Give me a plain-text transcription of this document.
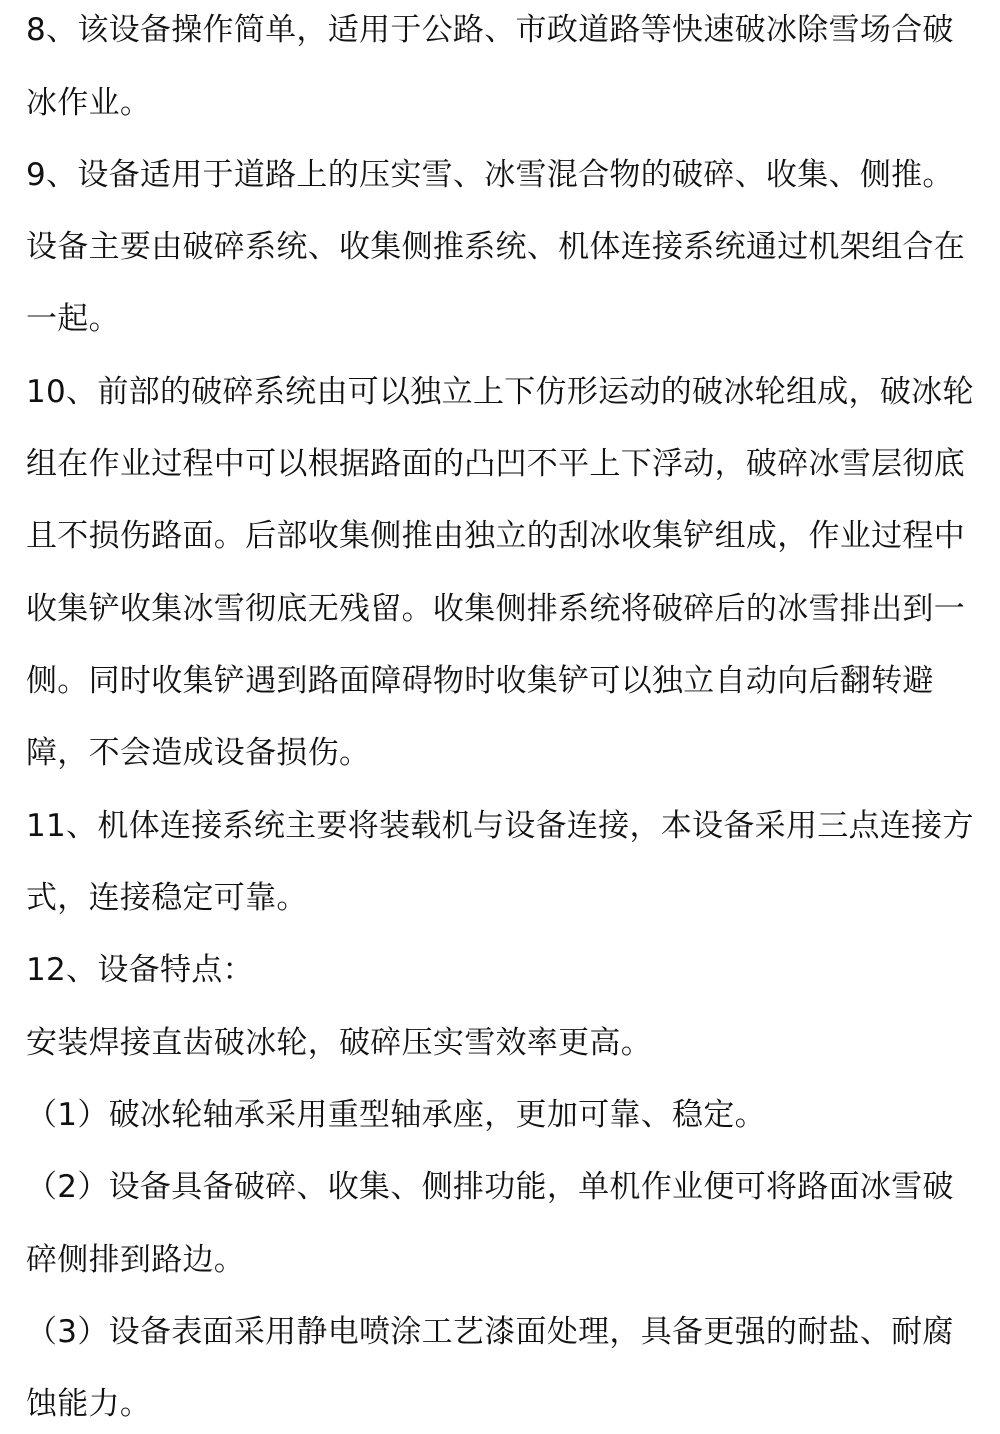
8、该设备操作简单，适用于公路、市政道路等快速破冰除雪场合破
冰作业。
9、设备适用于道路上的压实雪、冰雪混合物的破碎、收集、侧推。
设备主要由破碎系统、收集侧推系统、机体连接系统通过机架组合在
一起。
10、前部的破碎系统由可以独立上下仿形运动的破冰轮组成，破冰轮
组在作业过程中可以根据路面的凸凹不平上下浮动，破碎冰雪层彻底
且不损伤路面。后部收集侧推由独立的刮冰收集铲组成，作业过程中
收集铲收集冰雪彻底无残留。收集侧排系统将破碎后的冰雪排出到一
侧。同时收集铲遇到路面障碍物时收集铲可以独立自动向后翻转避
障，不会造成设备损伤。
11、机体连接系统主要将装载机与设备连接，本设备采用三点连接方
式，连接稳定可靠。
12、设备特点：
安装焊接直齿破冰轮，破碎压实雪效率更高。
（1）破冰轮轴承采用重型轴承座，更加可靠、稳定。
（2）设备具备破碎、收集、侧排功能，单机作业便可将路面冰雪破
碎侧排到路边。
（3）设备表面采用静电喷涂工艺漆面处理，具备更强的耐盐、耐腐
蚀能力。
